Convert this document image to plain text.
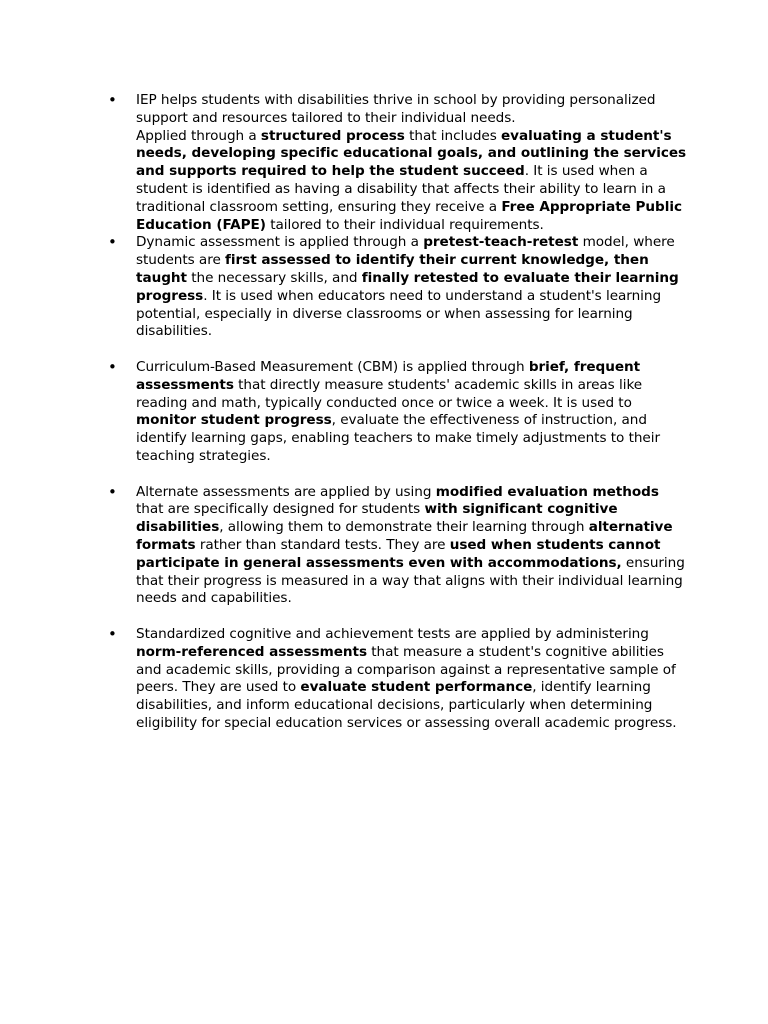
•	IEP helps students with disabilities thrive in school by providing personalized support and resources tailored to their individual needs.
Applied through a structured process that includes evaluating a student's needs, developing specific educational goals, and outlining the services and supports required to help the student succeed. It is used when a student is identified as having a disability that affects their ability to learn in a traditional classroom setting, ensuring they receive a Free Appropriate Public Education (FAPE) tailored to their individual requirements.
•	Dynamic assessment is applied through a pretest-teach-retest model, where students are first assessed to identify their current knowledge, then taught the necessary skills, and finally retested to evaluate their learning progress. It is used when educators need to understand a student's learning potential, especially in diverse classrooms or when assessing for learning disabilities.
•	Curriculum-Based Measurement (CBM) is applied through brief, frequent assessments that directly measure students' academic skills in areas like reading and math, typically conducted once or twice a week. It is used to monitor student progress, evaluate the effectiveness of instruction, and identify learning gaps, enabling teachers to make timely adjustments to their teaching strategies.
•	Alternate assessments are applied by using modified evaluation methods that are specifically designed for students with significant cognitive disabilities, allowing them to demonstrate their learning through alternative formats rather than standard tests. They are used when students cannot participate in general assessments even with accommodations, ensuring that their progress is measured in a way that aligns with their individual learning needs and capabilities.
•	Standardized cognitive and achievement tests are applied by administering norm-referenced assessments that measure a student's cognitive abilities and academic skills, providing a comparison against a representative sample of peers. They are used to evaluate student performance, identify learning disabilities, and inform educational decisions, particularly when determining eligibility for special education services or assessing overall academic progress.
